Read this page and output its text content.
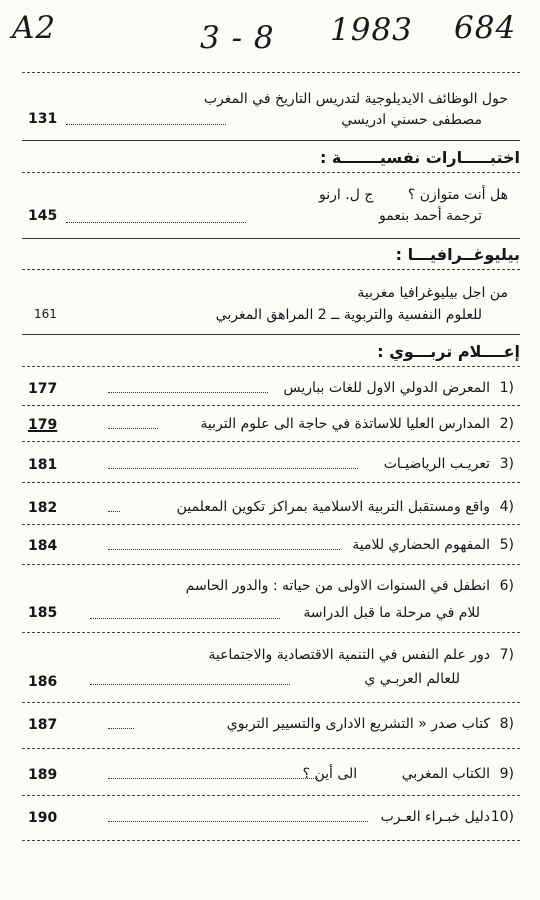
A2	3 - 8 1983 684
حول الوظائف الايديلوجية لتدريس التاريخ في المغرب
مصطفى حسني ادريسي
131
اختبـــــارات نفسيـــــــة :
هل أنت متوازن ؟ ج ل. ارنو
ترجمة أحمد بنعمو
145
بيليوغــرافيـــا :
من اجل بيليوغرافيا مغربية
للعلوم النفسية والتربوية ــ 2 المراهق المغربي
161
إعــــلام تربـــوي :
1)
المعرض الدولي الاول للغات بباريس
177
2)
المدارس العليا للاساتذة في حاجة الى علوم التربية
179
3)
تعريـب الرياضيـات
181
4)
واقع ومستقبل التربية الاسلامية بمراكز تكوين المعلمين
182
5)
المفهوم الحضاري للامية
184
6)
انطفل في السنوات الاولى من حياته : والدور الحاسم
للام في مرحلة ما قبل الدراسة
185
7)
دور علم النفس في التنمية الاقتصادية والاجتماعية
للعالم العربـي ي
186
8)
كتاب صدر « التشريع الادارى والتسيير التربوي
187
9)
الكتاب المغربي          الى أين ؟
189
10)
دليل خبـراء العـرب
190
